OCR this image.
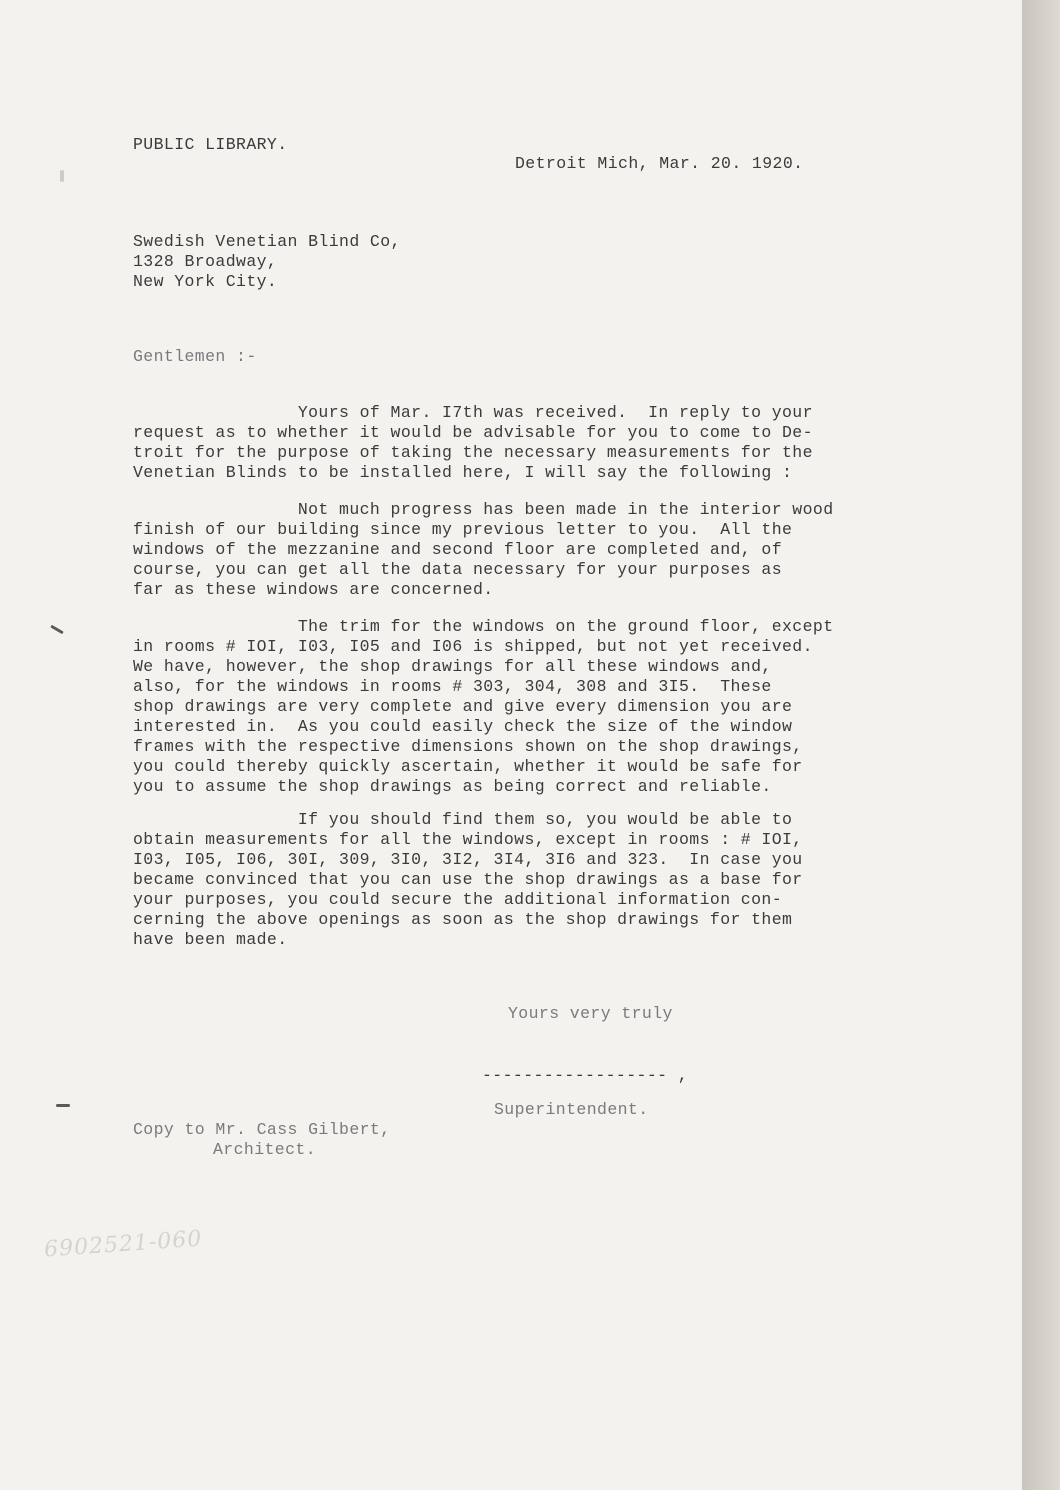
PUBLIC LIBRARY.
Detroit Mich, Mar. 20. 1920.
Swedish Venetian Blind Co,
1328 Broadway,
New York City.
Gentlemen :-
Yours of Mar. I7th was received.  In reply to your
request as to whether it would be advisable for you to come to De-
troit for the purpose of taking the necessary measurements for the
Venetian Blinds to be installed here, I will say the following :
Not much progress has been made in the interior wood
finish of our building since my previous letter to you.  All the
windows of the mezzanine and second floor are completed and, of
course, you can get all the data necessary for your purposes as
far as these windows are concerned.
The trim for the windows on the ground floor, except
in rooms # IOI, I03, I05 and I06 is shipped, but not yet received.
We have, however, the shop drawings for all these windows and,
also, for the windows in rooms # 303, 304, 308 and 3I5.  These
shop drawings are very complete and give every dimension you are
interested in.  As you could easily check the size of the window
frames with the respective dimensions shown on the shop drawings,
you could thereby quickly ascertain, whether it would be safe for
you to assume the shop drawings as being correct and reliable.
If you should find them so, you would be able to
obtain measurements for all the windows, except in rooms : # IOI,
I03, I05, I06, 30I, 309, 3I0, 3I2, 3I4, 3I6 and 323.  In case you
became convinced that you can use the shop drawings as a base for
your purposes, you could secure the additional information con-
cerning the above openings as soon as the shop drawings for them
have been made.
Yours very truly
------------------ ,
Superintendent.
Copy to Mr. Cass Gilbert,
Architect.
6902521-060
